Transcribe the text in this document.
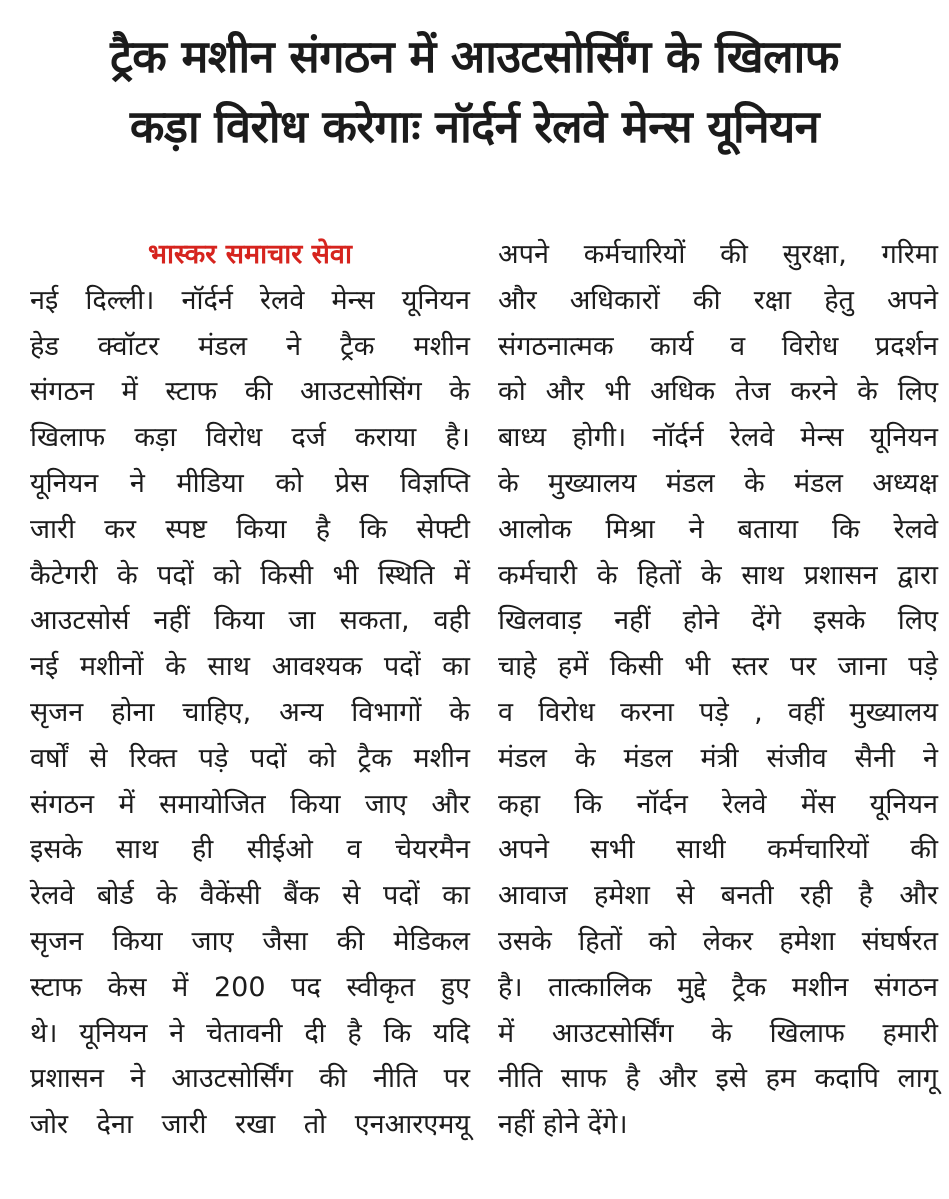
ट्रैक मशीन संगठन में आउटसोर्सिंग के खिलाफ
कड़ा विरोध करेगाः नॉर्दर्न रेलवे मेन्स यूनियन
भास्कर समाचार सेवा
नई दिल्ली। नॉर्दर्न रेलवे मेन्स यूनियन
हेड क्वॉटर मंडल ने ट्रैक मशीन
संगठन में स्टाफ की आउटसोसिंग के
खिलाफ कड़ा विरोध दर्ज कराया है।
यूनियन ने मीडिया को प्रेस विज्ञप्ति
जारी कर स्पष्ट किया है कि सेफ्टी
कैटेगरी के पदों को किसी भी स्थिति में
आउटसोर्स नहीं किया जा सकता, वही
नई मशीनों के साथ आवश्यक पदों का
सृजन होना चाहिए, अन्य विभागों के
वर्षों से रिक्त पड़े पदों को ट्रैक मशीन
संगठन में समायोजित किया जाए और
इसके साथ ही सीईओ व चेयरमैन
रेलवे बोर्ड के वैकेंसी बैंक से पदों का
सृजन किया जाए जैसा की मेडिकल
स्टाफ केस में 200 पद स्वीकृत हुए
थे। यूनियन ने चेतावनी दी है कि यदि
प्रशासन ने आउटसोर्सिंग की नीति पर
जोर देना जारी रखा तो एनआरएमयू
अपने कर्मचारियों की सुरक्षा, गरिमा
और अधिकारों की रक्षा हेतु अपने
संगठनात्मक कार्य व विरोध प्रदर्शन
को और भी अधिक तेज करने के लिए
बाध्य होगी। नॉर्दर्न रेलवे मेन्स यूनियन
के मुख्यालय मंडल के मंडल अध्यक्ष
आलोक मिश्रा ने बताया कि रेलवे
कर्मचारी के हितों के साथ प्रशासन द्वारा
खिलवाड़ नहीं होने देंगे इसके लिए
चाहे हमें किसी भी स्तर पर जाना पड़े
व विरोध करना पड़े , वहीं मुख्यालय
मंडल के मंडल मंत्री संजीव सैनी ने
कहा कि नॉर्दन रेलवे मेंस यूनियन
अपने सभी साथी कर्मचारियों की
आवाज हमेशा से बनती रही है और
उसके हितों को लेकर हमेशा संघर्षरत
है। तात्कालिक मुद्दे ट्रैक मशीन संगठन
में आउटसोर्सिंग के खिलाफ हमारी
नीति साफ है और इसे हम कदापि लागू
नहीं होने देंगे।
